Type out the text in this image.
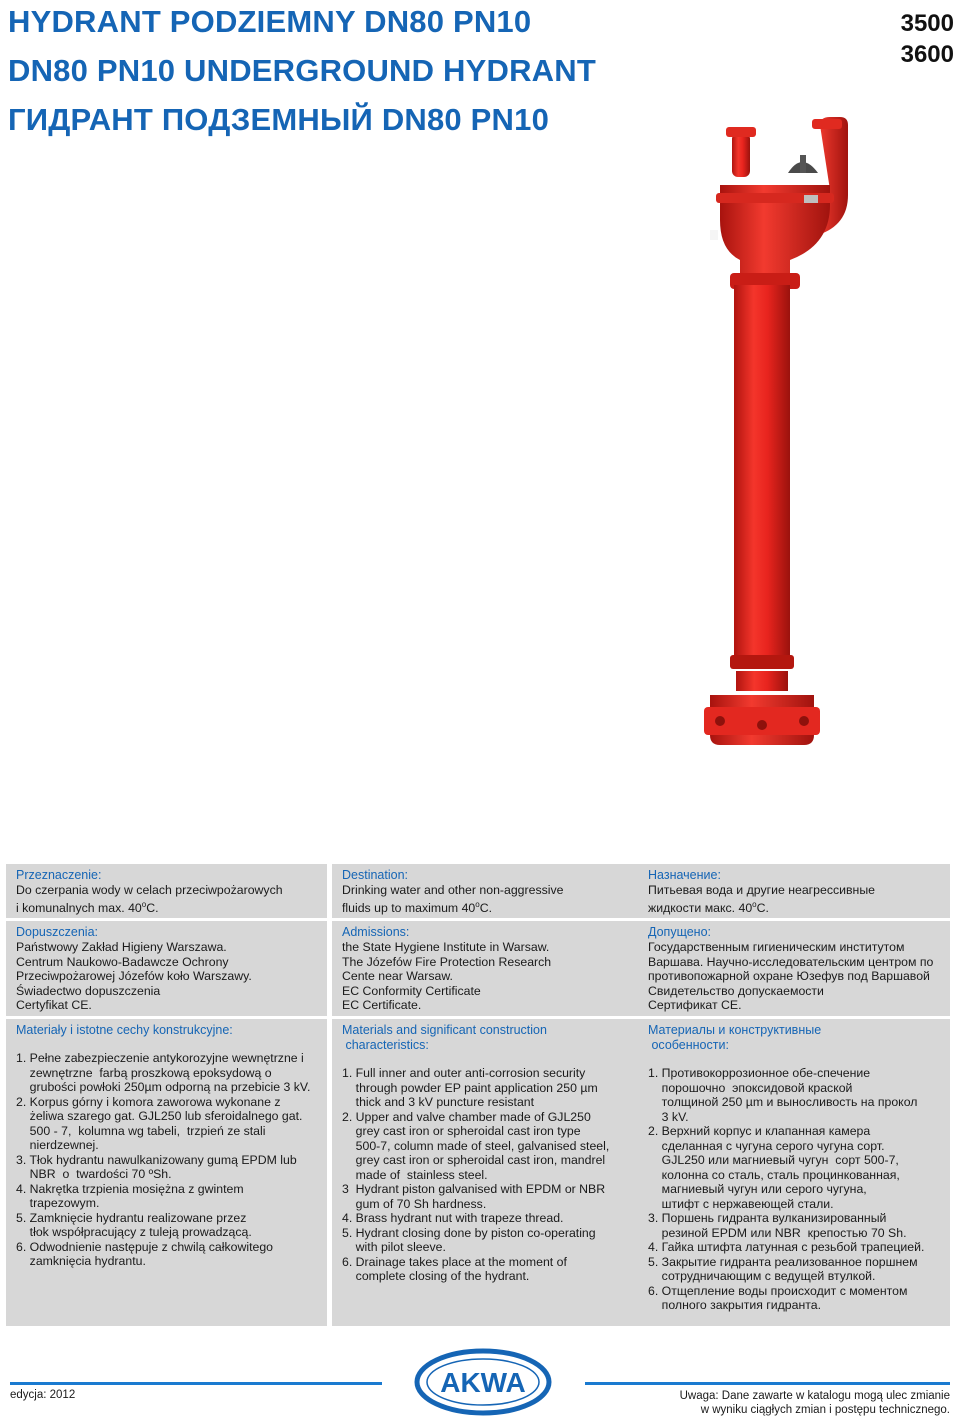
HYDRANT PODZIEMNY DN80 PN10
DN80 PN10 UNDERGROUND HYDRANT
ГИДРАНТ ПОДЗЕМНЫЙ DN80 PN10
3500
3600
Przeznaczenie:
Do czerpania wody w celach przeciwpożarowych
i komunalnych max. 40$^o$C.
Dopuszczenia:
Państwowy Zakład Higieny Warszawa.
Centrum Naukowo-Badawcze Ochrony
Przeciwpożarowej Józefów koło Warszawy.
Świadectwo dopuszczenia
Certyfikat CE.
Materiały i istotne cechy konstrukcyjne:
1. Pełne zabezpieczenie antykorozyjne wewnętrzne i
zewnętrzne  farbą proszkową epoksydową o
grubości powłoki 250µm odporną na przebicie 3 kV.
2. Korpus górny i komora zaworowa wykonane z
żeliwa szarego gat. GJL250 lub sferoidalnego gat.
500 - 7,  kolumna wg tabeli,  trzpień ze stali
nierdzewnej.
3. Tłok hydrantu nawulkanizowany gumą EPDM lub
NBR  o  twardości 70 ºSh.
4. Nakrętka trzpienia mosiężna z gwintem
trapezowym.
5. Zamknięcie hydrantu realizowane przez
tłok współpracujący z tuleją prowadzącą.
6. Odwodnienie następuje z chwilą całkowitego
zamknięcia hydrantu.
Destination:
Drinking water and other non-aggressive
fluids up to maximum 40$^o$C.
Admissions:
the State Hygiene Institute in Warsaw.
The Józefów Fire Protection Research
Cente near Warsaw.
EC Conformity Certificate
EC Certificate.
Materials and significant construction
characteristics:
1. Full inner and outer anti-corrosion security
through powder EP paint application 250 µm
thick and 3 kV puncture resistant
2. Upper and valve chamber made of GJL250
grey cast iron or spheroidal cast iron type
500-7, column made of steel, galvanised steel,
grey cast iron or spheroidal cast iron, mandrel
made of  stainless steel.
3  Hydrant piston galvanised with EPDM or NBR
gum of 70 Sh hardness.
4. Brass hydrant nut with trapeze thread.
5. Hydrant closing done by piston co-operating
with pilot sleeve.
6. Drainage takes place at the moment of
complete closing of the hydrant.
Назначение:
Питьевая вода и другие неагрессивные
жидкости макс. 40$^o$C.
Допущено:
Государственным гигиеническим институтом
Варшава. Научно-исследовательским центром по
противопожарной охране Юзефув под Варшавой
Свидетельство допускаемости
Сертификат CE.
Материалы и конструктивные
особенности:
1. Противокоррозионное обе-спечение
порошочно  эпоксидовой краской
толщиной 250 µm и выносливость на прокол
3 kV.
2. Верхний корпус и клапанная камера
сделанная с чугуна серого чугуна сорт.
GJL250 или магниевый чугун  сорт 500-7,
колонна со сталь, сталь процинкованная,
магниевый чугун или серого чугуна,
штифт с нержавеющей стали.
3. Поршень гидранта вулканизированный
резиной EPDM или NBR  крепостью 70 Sh.
4. Гайка штифта латунная с резьбой трапецией.
5. Закрытие гидранта реализованное поршнем
сотрудничающим с ведущей втулкой.
6. Отщепление воды происходит с моментом
полного закрытия гидранта.
AKWA
edycja: 2012	Uwaga: Dane zawarte w katalogu mogą ulec zmianie
w wyniku ciągłych zmian i postępu technicznego.
